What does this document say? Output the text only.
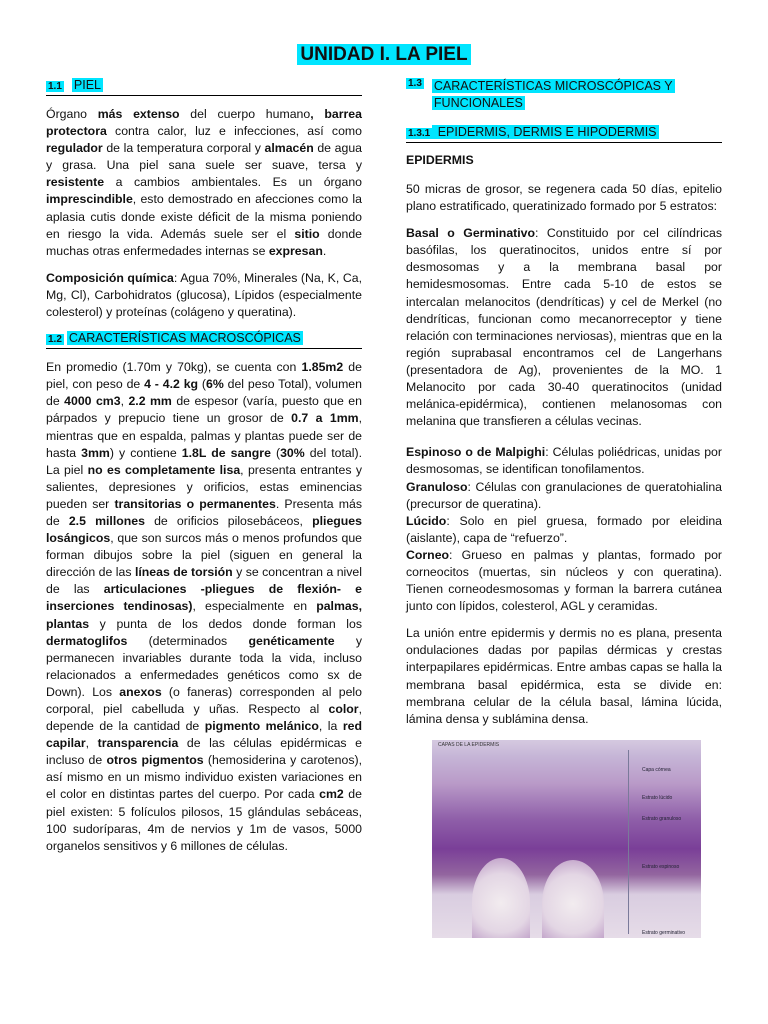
UNIDAD I. LA PIEL
1.1 PIEL

Órgano más extenso del cuerpo humano, barrea protectora contra calor, luz e infecciones, así como regulador de la temperatura corporal y almacén de agua y grasa. Una piel sana suele ser suave, tersa y resistente a cambios ambientales. Es un órgano imprescindible, esto demostrado en afecciones como la aplasia cutis donde existe déficit de la misma poniendo en riesgo la vida. Además suele ser el sitio donde muchas otras enfermedades internas se expresan.

Composición química: Agua 70%, Minerales (Na, K, Ca, Mg, Cl), Carbohidratos (glucosa), Lípidos (especialmente colesterol) y proteínas (colágeno y queratina).

1.2 CARACTERÍSTICAS MACROSCÓPICAS

En promedio (1.70m y 70kg), se cuenta con 1.85m2 de piel, con peso de 4 - 4.2 kg (6% del peso Total), volumen de 4000 cm3, 2.2 mm de espesor (varía, puesto que en párpados y prepucio tiene un grosor de 0.7 a 1mm, mientras que en espalda, palmas y plantas puede ser de hasta 3mm) y contiene 1.8L de sangre (30% del total). La piel no es completamente lisa, presenta entrantes y salientes, depresiones y orificios, estas eminencias pueden ser transitorias o permanentes. Presenta más de 2.5 millones de orificios pilosebáceos, pliegues losángicos, que son surcos más o menos profundos que forman dibujos sobre la piel (siguen en general la dirección de las líneas de torsión y se concentran a nivel de las articulaciones -pliegues de flexión- e inserciones tendinosas), especialmente en palmas, plantas y punta de los dedos donde forman los dermatoglifos (determinados genéticamente y permanecen invariables durante toda la vida, incluso relacionados a enfermedades genéticos como sx de Down). Los anexos (o faneras) corresponden al pelo corporal, piel cabelluda y uñas. Respecto al color, depende de la cantidad de pigmento melánico, la red capilar, transparencia de las células epidérmicas e incluso de otros pigmentos (hemosiderina y carotenos), así mismo en un mismo individuo existen variaciones en el color en distintas partes del cuerpo. Por cada cm2 de piel existen: 5 folículos pilosos, 15 glándulas sebáceas, 100 sudoríparas, 4m de nervios y 1m de vasos, 5000 organelos sensitivos y 6 millones de células.

1.3 CARACTERÍSTICAS MICROSCÓPICAS Y
FUNCIONALES
1.3.1 EPIDERMIS, DERMIS E HIPODERMIS
EPIDERMIS

50 micras de grosor, se regenera cada 50 días, epitelio plano estratificado, queratinizado formado por 5 estratos:

Basal o Germinativo: Constituido por cel cilíndricas basófilas, los queratinocitos, unidos entre sí por desmosomas y a la membrana basal por hemidesmosomas. Entre cada 5-10 de estos se intercalan melanocitos (dendríticas) y cel de Merkel (no dendríticas, funcionan como mecanorreceptor y tiene relación con terminaciones nerviosas), mientras que en la región suprabasal encontramos cel de Langerhans (presentadora de Ag), provenientes de la MO. 1 Melanocito por cada 30-40 queratinocitos (unidad melánica-epidérmica), contienen melanosomas con melanina que transfieren a células vecinas.

Espinoso o de Malpighi: Células poliédricas, unidas por desmosomas, se identifican tonofilamentos.

Granuloso: Células con granulaciones de queratohialina (precursor de queratina).

Lúcido: Solo en piel gruesa, formado por eleidina (aislante), capa de “refuerzo”.

Corneo: Grueso en palmas y plantas, formado por corneocitos (muertas, sin núcleos y con queratina). Tienen corneodesmosomas y forman la barrera cutánea junto con lípidos, colesterol, AGL y ceramidas.

La unión entre epidermis y dermis no es plana, presenta ondulaciones dadas por papilas dérmicas y crestas interpapilares epidérmicas. Entre ambas capas se halla la membrana basal epidérmica, esta se divide en: membrana celular de la célula basal, lámina lúcida, lámina densa y sublámina densa.

CAPAS DE LA EPIDERMIS
Capa córnea
Estrato lúcido
Estrato granuloso
Estrato espinoso
Estrato germinativo
